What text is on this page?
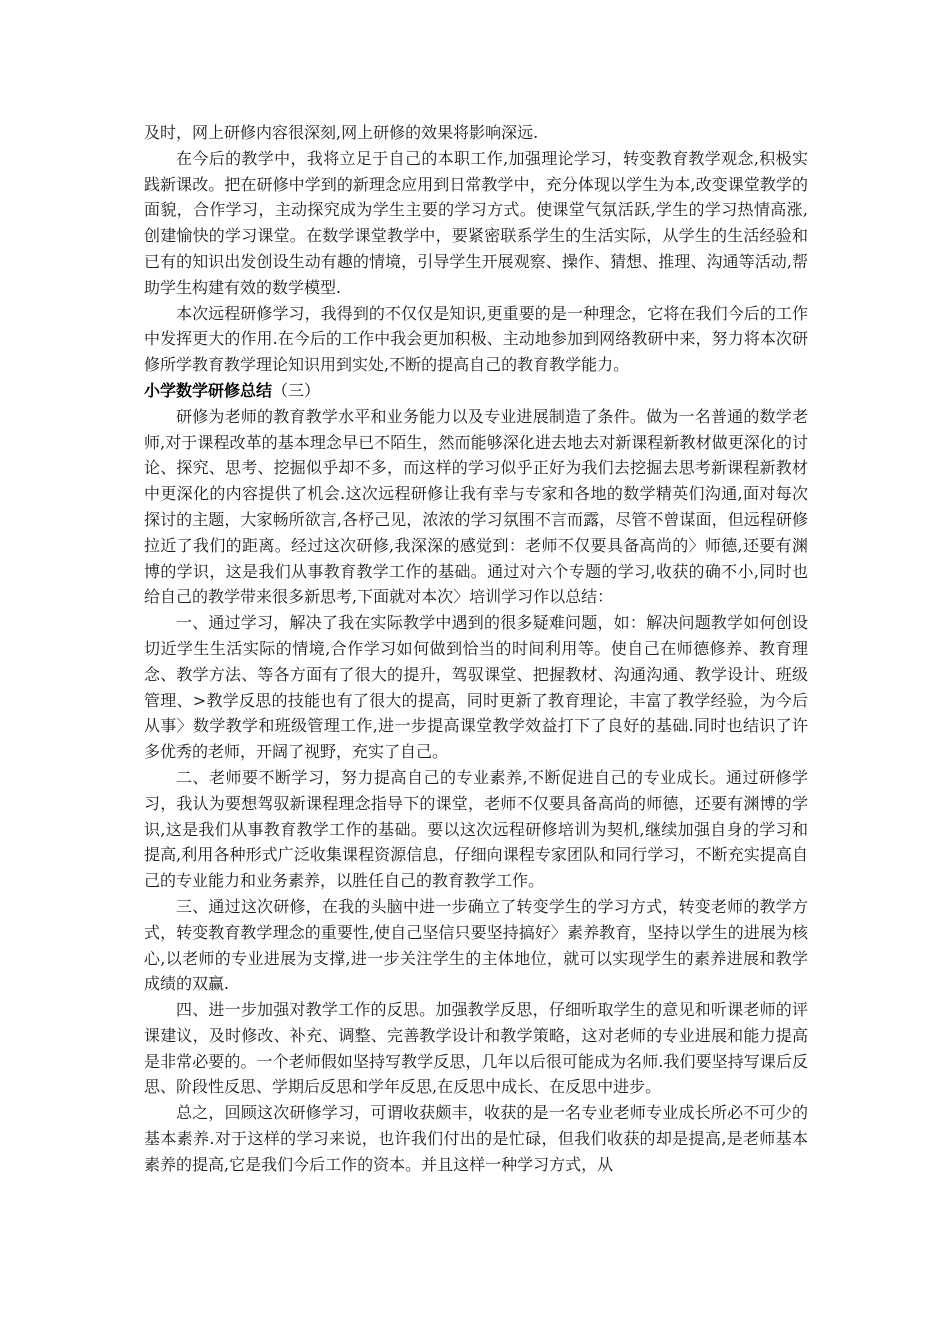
及时，网上研修内容很深刻,网上研修的效果将影响深远.

在今后的教学中，我将立足于自己的本职工作,加强理论学习，转变教育教学观念,积极实践新课改。把在研修中学到的新理念应用到日常教学中，充分体现以学生为本,改变课堂教学的面貌，合作学习，主动探究成为学生主要的学习方式。使课堂气氛活跃,学生的学习热情高涨,创建愉快的学习课堂。在数学课堂教学中，要紧密联系学生的生活实际，从学生的生活经验和已有的知识出发创设生动有趣的情境，引导学生开展观察、操作、猜想、推理、沟通等活动,帮助学生构建有效的数学模型.

本次远程研修学习，我得到的不仅仅是知识,更重要的是一种理念，它将在我们今后的工作中发挥更大的作用.在今后的工作中我会更加积极、主动地参加到网络教研中来，努力将本次研修所学教育教学理论知识用到实处,不断的提高自己的教育教学能力。

小学数学研修总结（三）

研修为老师的教育教学水平和业务能力以及专业进展制造了条件。做为一名普通的数学老师,对于课程改革的基本理念早已不陌生，然而能够深化进去地去对新课程新教材做更深化的讨论、探究、思考、挖掘似乎却不多，而这样的学习似乎正好为我们去挖掘去思考新课程新教材中更深化的内容提供了机会.这次远程研修让我有幸与专家和各地的数学精英们沟通,面对每次探讨的主题，大家畅所欲言,各杼己见，浓浓的学习氛围不言而露，尽管不曾谋面，但远程研修拉近了我们的距离。经过这次研修,我深深的感觉到：老师不仅要具备高尚的〉师德,还要有渊博的学识，这是我们从事教育教学工作的基础。通过对六个专题的学习,收获的确不小,同时也给自己的教学带来很多新思考,下面就对本次〉培训学习作以总结：

一、通过学习，解决了我在实际教学中遇到的很多疑难问题，如：解决问题教学如何创设切近学生生活实际的情境,合作学习如何做到恰当的时间利用等。使自己在师德修养、教育理念、教学方法、等各方面有了很大的提升，驾驭课堂、把握教材、沟通沟通、教学设计、班级管理、>教学反思的技能也有了很大的提高，同时更新了教育理论，丰富了教学经验，为今后从事〉数学教学和班级管理工作,进一步提高课堂教学效益打下了良好的基础.同时也结识了许多优秀的老师，开阔了视野，充实了自己。

二、老师要不断学习，努力提高自己的专业素养,不断促进自己的专业成长。通过研修学习，我认为要想驾驭新课程理念指导下的课堂，老师不仅要具备高尚的师德，还要有渊博的学识,这是我们从事教育教学工作的基础。要以这次远程研修培训为契机,继续加强自身的学习和提高,利用各种形式广泛收集课程资源信息，仔细向课程专家团队和同行学习，不断充实提高自己的专业能力和业务素养，以胜任自己的教育教学工作。

三、通过这次研修，在我的头脑中进一步确立了转变学生的学习方式，转变老师的教学方式，转变教育教学理念的重要性,使自己坚信只要坚持搞好〉素养教育，坚持以学生的进展为核心,以老师的专业进展为支撑,进一步关注学生的主体地位，就可以实现学生的素养进展和教学成绩的双赢.

四、进一步加强对教学工作的反思。加强教学反思，仔细听取学生的意见和听课老师的评课建议，及时修改、补充、调整、完善教学设计和教学策略，这对老师的专业进展和能力提高是非常必要的。一个老师假如坚持写教学反思，几年以后很可能成为名师.我们要坚持写课后反思、阶段性反思、学期后反思和学年反思,在反思中成长、在反思中进步。

总之，回顾这次研修学习，可谓收获颇丰，收获的是一名专业老师专业成长所必不可少的基本素养.对于这样的学习来说，也许我们付出的是忙碌，但我们收获的却是提高,是老师基本素养的提高,它是我们今后工作的资本。并且这样一种学习方式，从
